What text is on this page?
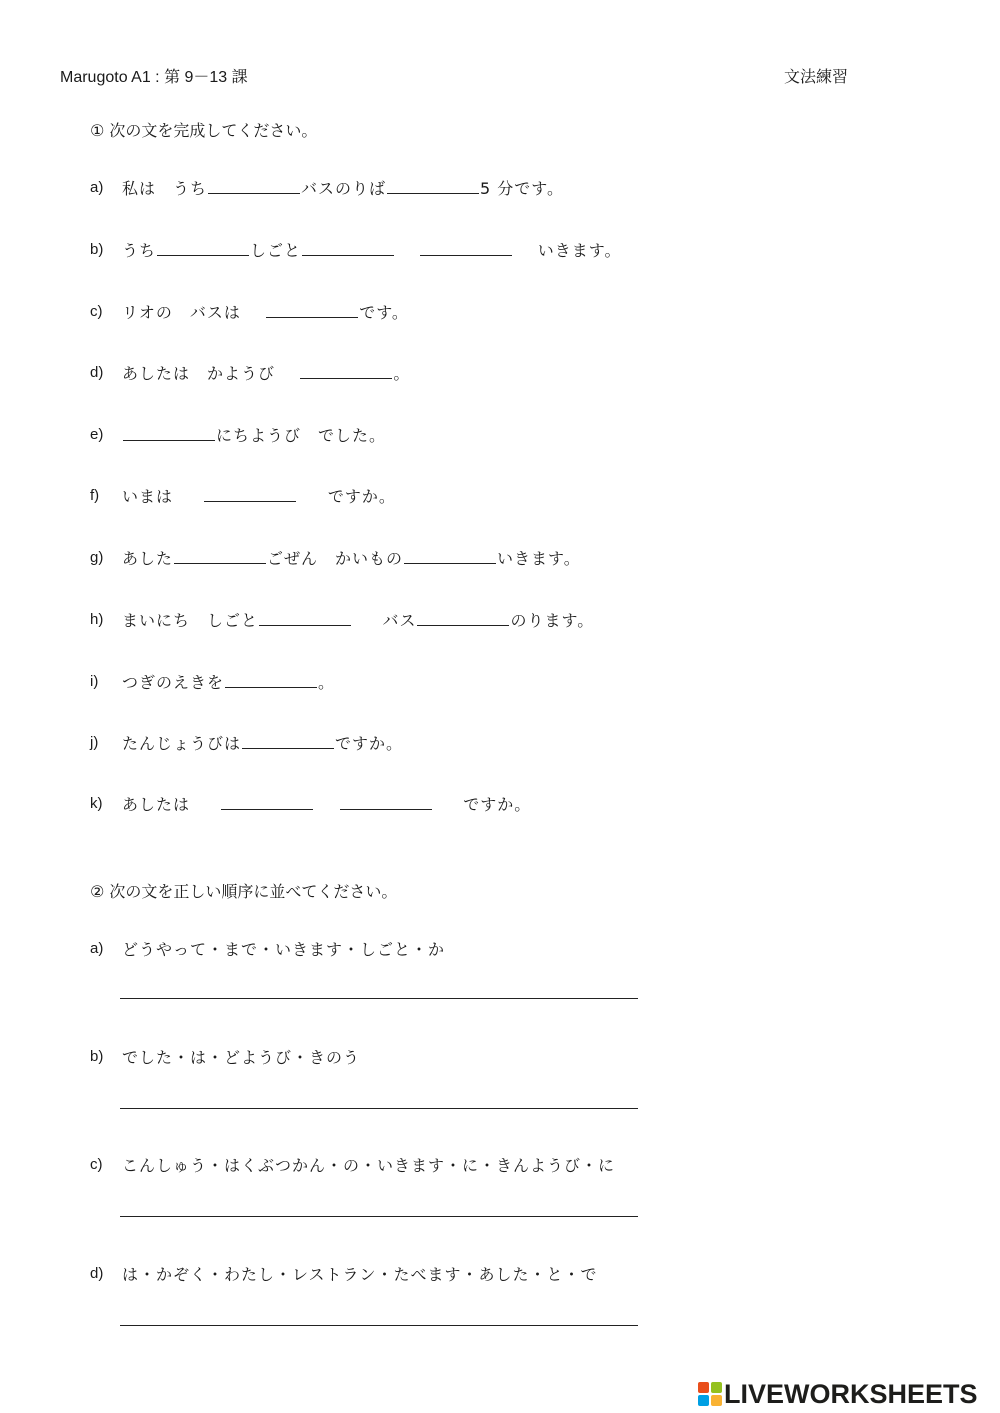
Marugoto A1 : 第 9－13 課	文法練習
① 次の文を完成してください。
a) 私は　うち	バスのりば	5 分です。
b) うち	しごと	いきます。
c) リオの　バスは	です。
d) あしたは　かようび	。
e)	にちようび　でした。
f) いまは	ですか。
g) あした	ごぜん　かいもの	いきます。
h) まいにち　しごと	バス	のります。
i) つぎのえきを	。
j) たんじょうびは	ですか。
k) あしたは	ですか。
② 次の文を正しい順序に並べてください。
a) どうやって・まで・いきます・しごと・か
b) でした・は・どようび・きのう
c) こんしゅう・はくぶつかん・の・いきます・に・きんようび・に
d) は・かぞく・わたし・レストラン・たべます・あした・と・で
LIVEWORKSHEETS
